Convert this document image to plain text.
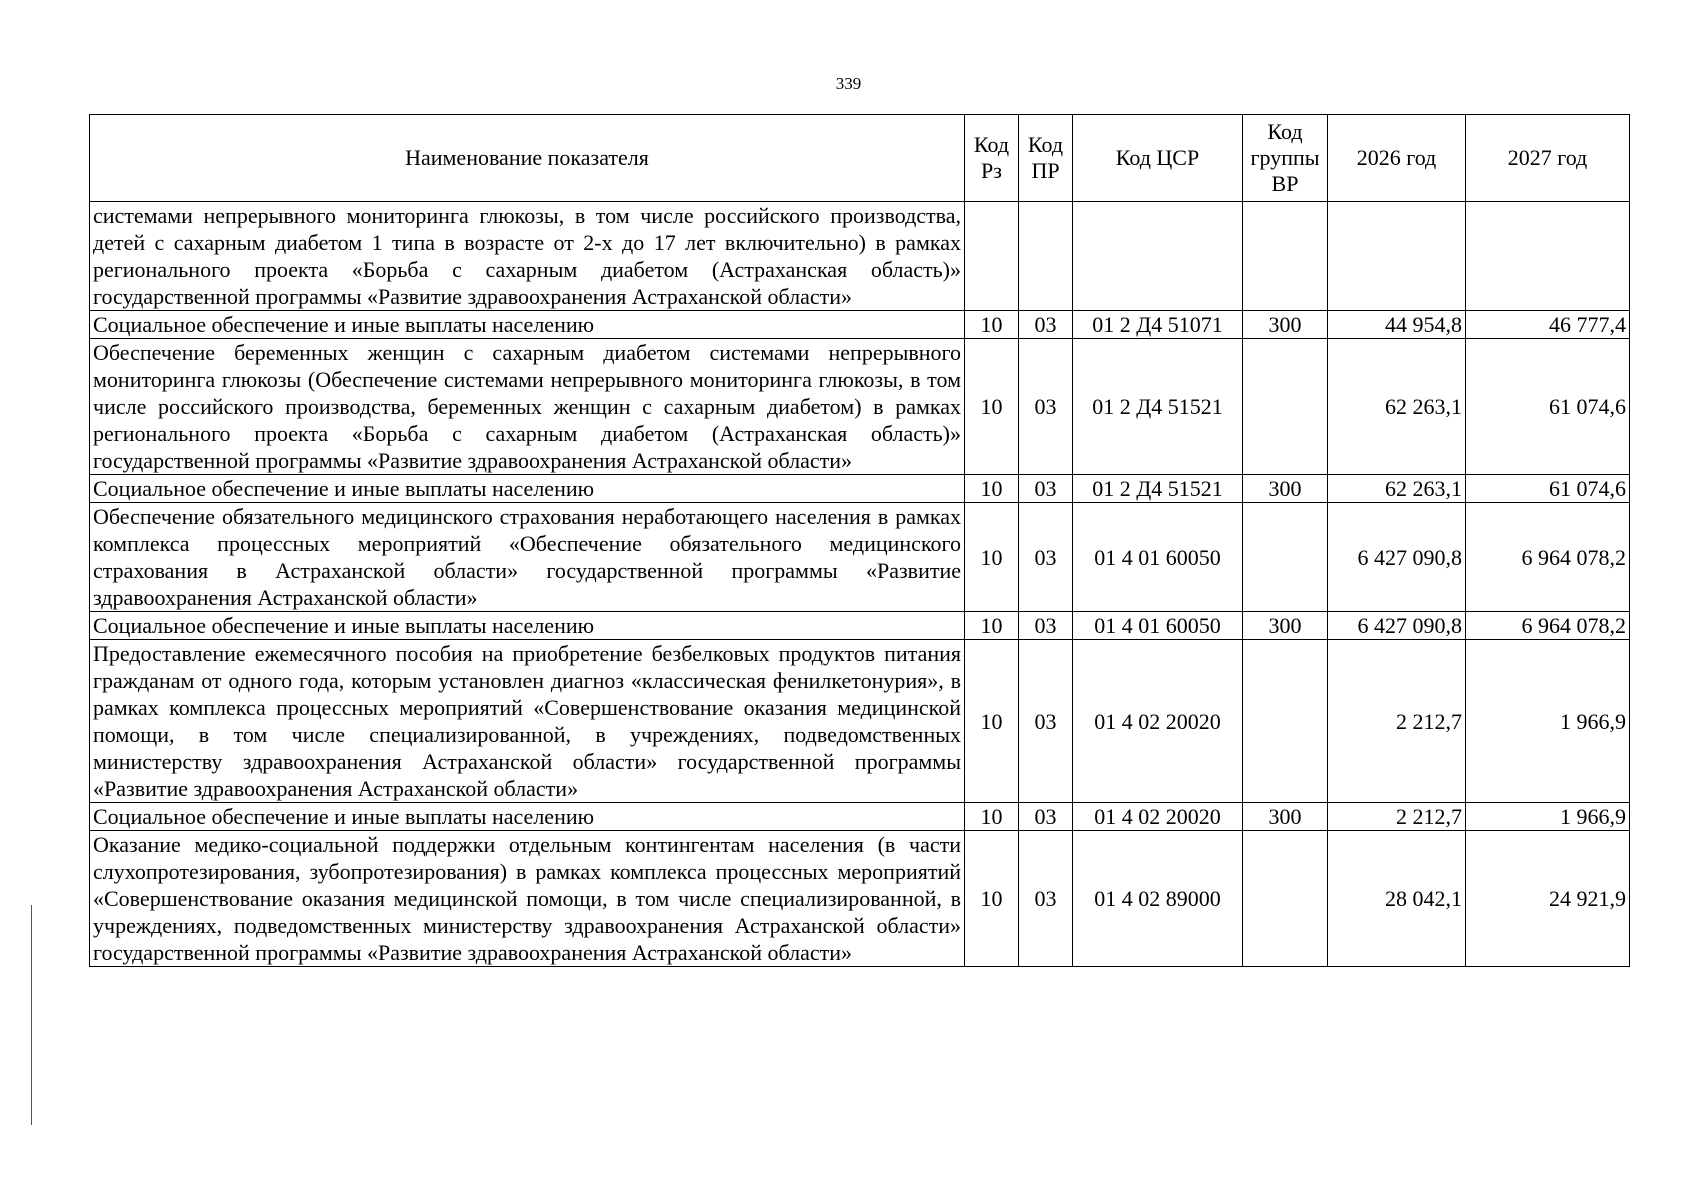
339
Наименование показателя	Код Рз	Код ПР	Код ЦСР	Код группы ВР	2026 год	2027 год
системами непрерывного мониторинга глюкозы, в том числе российского производства, детей с сахарным диабетом 1 типа в возрасте от 2-х до 17 лет включительно) в рамках регионального проекта «Борьба с сахарным диабетом (Астраханская область)» государственной программы «Развитие здравоохранения Астраханской области»						
Социальное обеспечение и иные выплаты населению	10	03	01 2 Д4 51071	300	44 954,8	46 777,4
Обеспечение беременных женщин с сахарным диабетом системами непрерывного мониторинга глюкозы (Обеспечение системами непрерывного мониторинга глюкозы, в том числе российского производства, беременных женщин с сахарным диабетом) в рамках регионального проекта «Борьба с сахарным диабетом (Астраханская область)» государственной программы «Развитие здравоохранения Астраханской области»	10	03	01 2 Д4 51521		62 263,1	61 074,6
Социальное обеспечение и иные выплаты населению	10	03	01 2 Д4 51521	300	62 263,1	61 074,6
Обеспечение обязательного медицинского страхования неработающего населения в рамках комплекса процессных мероприятий «Обеспечение обязательного медицинского страхования в Астраханской области» государственной программы «Развитие здравоохранения Астраханской области»	10	03	01 4 01 60050		6 427 090,8	6 964 078,2
Социальное обеспечение и иные выплаты населению	10	03	01 4 01 60050	300	6 427 090,8	6 964 078,2
Предоставление ежемесячного пособия на приобретение безбелковых продуктов питания гражданам от одного года, которым установлен диагноз «классическая фенилкетонурия», в рамках комплекса процессных мероприятий «Совершенствование оказания медицинской помощи, в том числе специализированной, в учреждениях, подведомственных министерству здравоохранения Астраханской области» государственной программы «Развитие здравоохранения Астраханской области»	10	03	01 4 02 20020		2 212,7	1 966,9
Социальное обеспечение и иные выплаты населению	10	03	01 4 02 20020	300	2 212,7	1 966,9
Оказание медико-социальной поддержки отдельным контингентам населения (в части слухопротезирования, зубопротезирования) в рамках комплекса процессных мероприятий «Совершенствование оказания медицинской помощи, в том числе специализированной, в учреждениях, подведомственных министерству здравоохранения Астраханской области» государственной программы «Развитие здравоохранения Астраханской области»	10	03	01 4 02 89000		28 042,1	24 921,9
